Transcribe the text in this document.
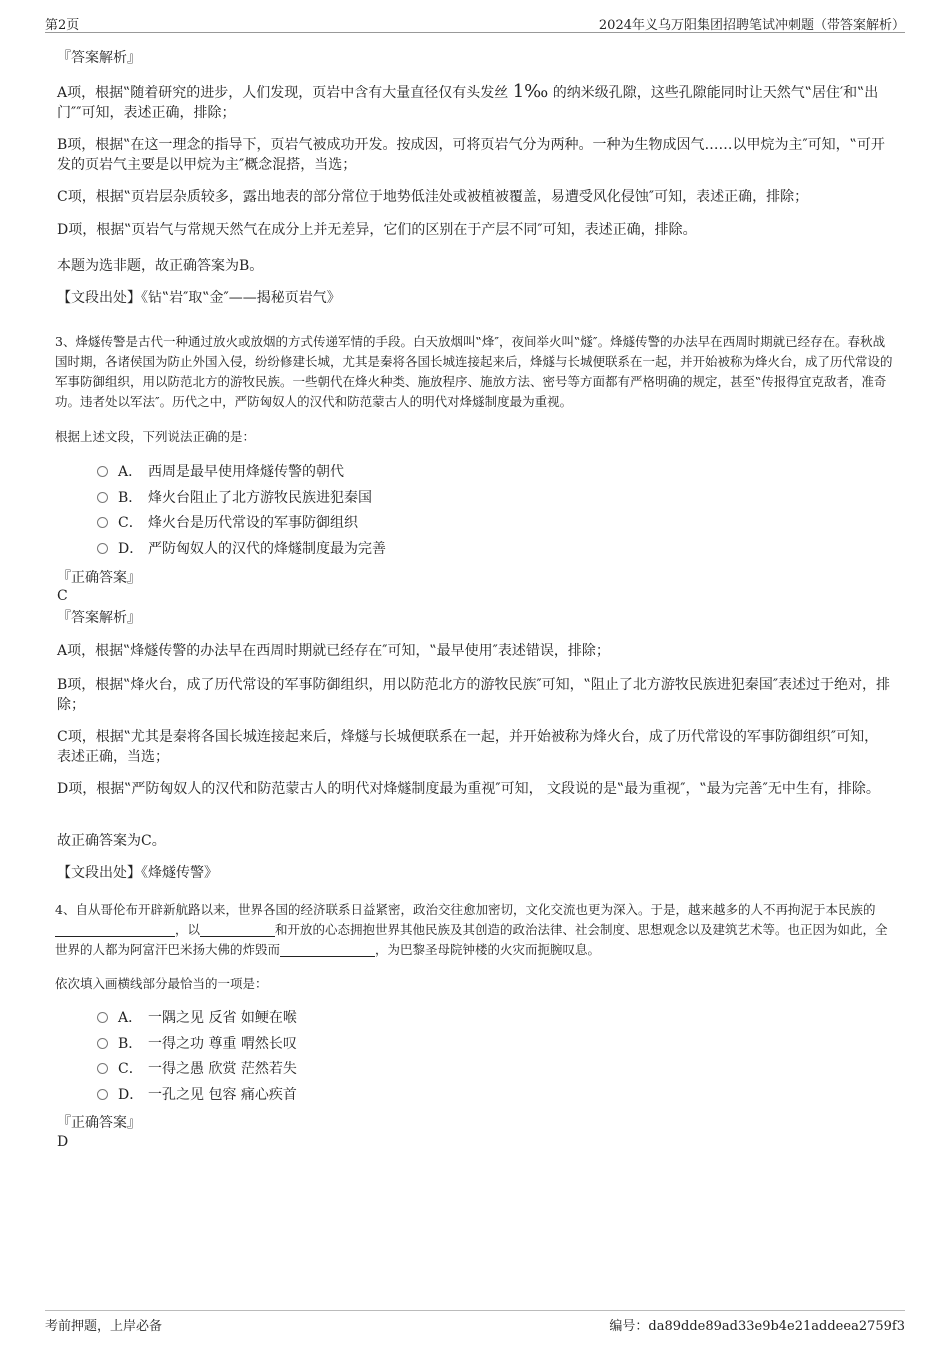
第2页	2024年义乌万阳集团招聘笔试冲刺题（带答案解析）
『答案解析』
A项，根据‟随着研究的进步，人们发现，页岩中含有大量直径仅有头发丝 1‰ 的纳米级孔隙，这些孔隙能同时让天然气‟居住′和‟出门″″可知，表述正确，排除；
B项，根据‟在这一理念的指导下，页岩气被成功开发。按成因，可将页岩气分为两种。一种为生物成因气……以甲烷为主″可知，‟可开发的页岩气主要是以甲烷为主″概念混搭，当选；
C项，根据‟页岩层杂质较多，露出地表的部分常位于地势低洼处或被植被覆盖，易遭受风化侵蚀″可知，表述正确，排除；
D项，根据‟页岩气与常规天然气在成分上并无差异，它们的区别在于产层不同″可知，表述正确，排除。
本题为选非题，故正确答案为B。
【文段出处】《钻‟岩″取‟金″——揭秘页岩气》
3、烽燧传警是古代一种通过放火或放烟的方式传递军情的手段。白天放烟叫‟烽″，夜间举火叫‟燧″。烽燧传警的办法早在西周时期就已经存在。春秋战国时期，各诸侯国为防止外国入侵，纷纷修建长城，尤其是秦将各国长城连接起来后，烽燧与长城便联系在一起，并开始被称为烽火台，成了历代常设的军事防御组织，用以防范北方的游牧民族。一些朝代在烽火种类、施放程序、施放方法、密号等方面都有严格明确的规定，甚至‟传报得宜克敌者，准奇功。违者处以军法″。历代之中，严防匈奴人的汉代和防范蒙古人的明代对烽燧制度最为重视。
根据上述文段，下列说法正确的是：
A． 西周是最早使用烽燧传警的朝代
B． 烽火台阻止了北方游牧民族进犯秦国
C． 烽火台是历代常设的军事防御组织
D． 严防匈奴人的汉代的烽燧制度最为完善
『正确答案』
C
『答案解析』
A项，根据‟烽燧传警的办法早在西周时期就已经存在″可知，‟最早使用″表述错误，排除；
B项，根据‟烽火台，成了历代常设的军事防御组织，用以防范北方的游牧民族″可知，‟阻止了北方游牧民族进犯秦国″表述过于绝对，排除；
C项，根据‟尤其是秦将各国长城连接起来后，烽燧与长城便联系在一起，并开始被称为烽火台，成了历代常设的军事防御组织″可知，表述正确，当选；
D项，根据‟严防匈奴人的汉代和防范蒙古人的明代对烽燧制度最为重视″可知， 文段说的是‟最为重视″，‟最为完善″无中生有，排除。
故正确答案为C。
【文段出处】《烽燧传警》
4、自从哥伦布开辟新航路以来，世界各国的经济联系日益紧密，政治交往愈加密切，文化交流也更为深入。于是，越来越多的人不再拘泥于本民族的，以	和开放的心态拥抱世界其他民族及其创造的政治法律、社会制度、思想观念以及建筑艺术等。也正因为如此，全世界的人都为阿富汗巴米扬大佛的炸毁而	，为巴黎圣母院钟楼的火灾而扼腕叹息。
依次填入画横线部分最恰当的一项是：
A． 一隅之见 反省 如鲠在喉
B． 一得之功 尊重 喟然长叹
C． 一得之愚 欣赏 茫然若失
D． 一孔之见 包容 痛心疾首
『正确答案』
D
考前押题，上岸必备	编号：da89dde89ad33e9b4e21addeea2759f3
